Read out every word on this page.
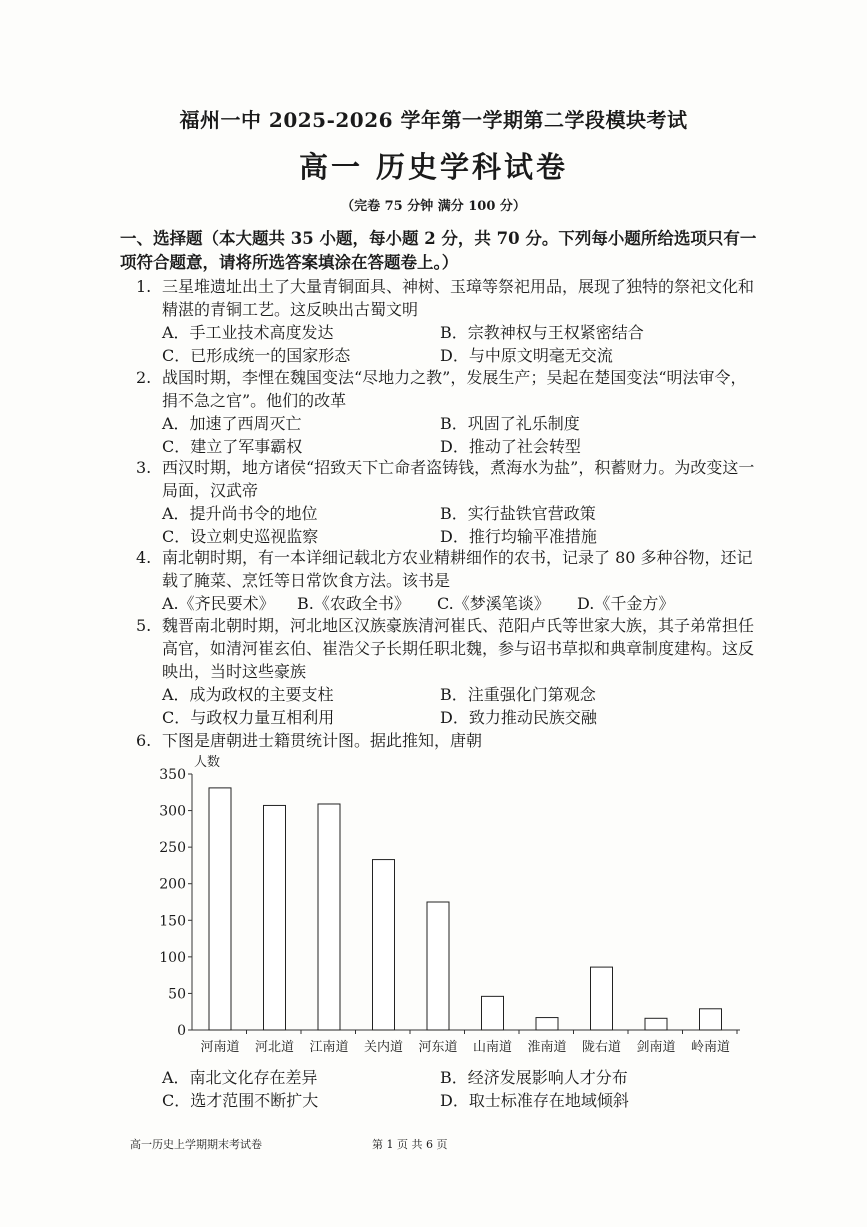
福州一中 2025-2026 学年第一学期第二学段模块考试
高一 历史学科试卷
（完卷 75 分钟 满分 100 分）
一、选择题（本大题共 35 小题，每小题 2 分，共 70 分。下列每小题所给选项只有一项符合题意，请将所选答案填涂在答题卷上。）
1. 三星堆遗址出土了大量青铜面具、神树、玉璋等祭祀用品，展现了独特的祭祀文化和精湛的青铜工艺。这反映出古蜀文明
A．手工业技术高度发达	B．宗教神权与王权紧密结合
C．已形成统一的国家形态	D．与中原文明毫无交流
2. 战国时期，李悝在魏国变法“尽地力之教”，发展生产；吴起在楚国变法“明法审令，捐不急之官”。他们的改革
A．加速了西周灭亡	B．巩固了礼乐制度
C．建立了军事霸权	D．推动了社会转型
3. 西汉时期，地方诸侯“招致天下亡命者盗铸钱，煮海水为盐”，积蓄财力。为改变这一局面，汉武帝
A．提升尚书令的地位	B．实行盐铁官营政策
C．设立刺史巡视监察	D．推行均输平准措施
4. 南北朝时期，有一本详细记载北方农业精耕细作的农书，记录了 80 多种谷物，还记载了腌菜、烹饪等日常饮食方法。该书是
A.《齐民要术》	B.《农政全书》	C.《梦溪笔谈》	D.《千金方》
5. 魏晋南北朝时期，河北地区汉族豪族清河崔氏、范阳卢氏等世家大族，其子弟常担任高官，如清河崔玄伯、崔浩父子长期任职北魏，参与诏书草拟和典章制度建构。这反映出，当时这些豪族
A．成为政权的主要支柱	B．注重强化门第观念
C．与政权力量互相利用	D．致力推动民族交融
6. 下图是唐朝进士籍贯统计图。据此推知，唐朝
人数
0
50
100
150
200
250
300
350
河南道 河北道 江南道 关内道 河东道 山南道 淮南道 陇右道 剑南道 岭南道
A．南北文化存在差异	B．经济发展影响人才分布
C．选才范围不断扩大	D．取士标准存在地域倾斜
高一历史上学期期末考试卷	第 1 页 共 6 页
